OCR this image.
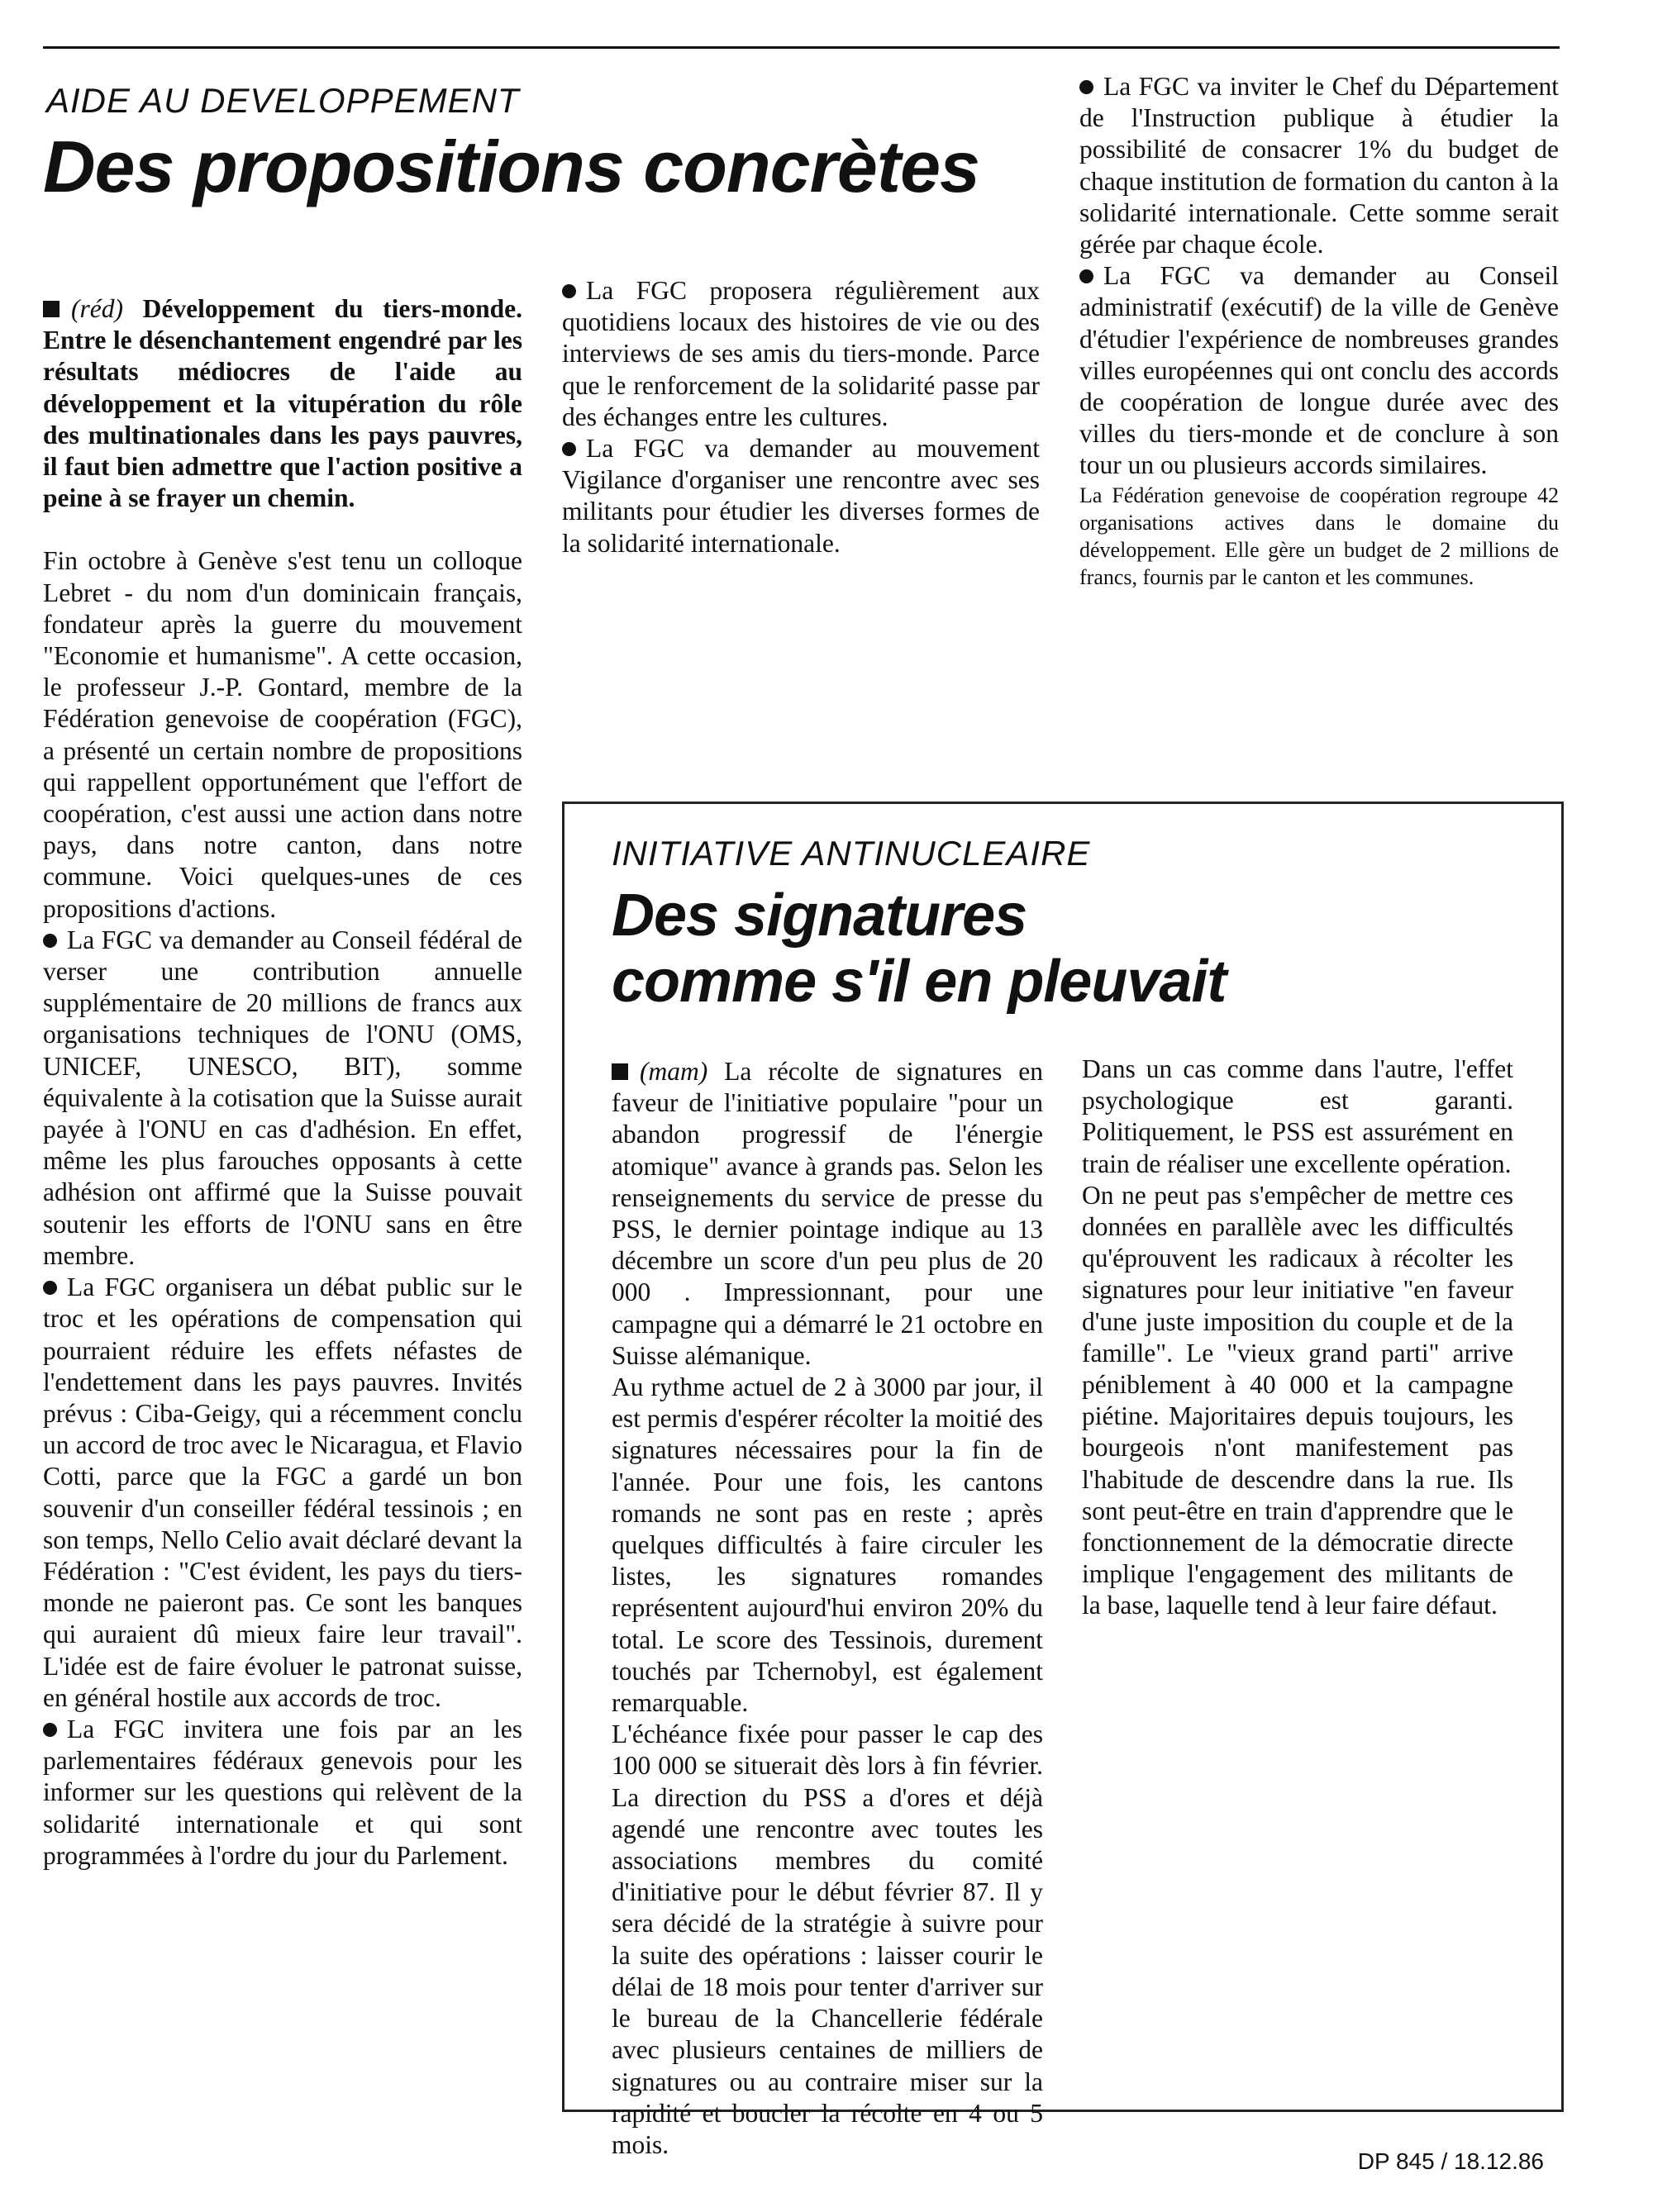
AIDE AU DEVELOPPEMENT
Des propositions concrètes

(réd) Développement du tiers-monde. Entre le désenchantement engendré par les résultats médiocres de l'aide au développement et la vitupération du rôle des multinationales dans les pays pauvres, il faut bien admettre que l'action positive a peine à se frayer un chemin.

Fin octobre à Genève s'est tenu un colloque Lebret - du nom d'un dominicain français, fondateur après la guerre du mouvement "Economie et humanisme". A cette occasion, le professeur J.-P. Gontard, membre de la Fédération genevoise de coopération (FGC), a présenté un certain nombre de propositions qui rappellent opportunément que l'effort de coopération, c'est aussi une action dans notre pays, dans notre canton, dans notre commune. Voici quelques-unes de ces propositions d'actions.

La FGC va demander au Conseil fédéral de verser une contribution annuelle supplémentaire de 20 millions de francs aux organisations techniques de l'ONU (OMS, UNICEF, UNESCO, BIT), somme équivalente à la cotisation que la Suisse aurait payée à l'ONU en cas d'adhésion. En effet, même les plus farouches opposants à cette adhésion ont affirmé que la Suisse pouvait soutenir les efforts de l'ONU sans en être membre.

La FGC organisera un débat public sur le troc et les opérations de compensation qui pourraient réduire les effets néfastes de l'endettement dans les pays pauvres. Invités prévus : Ciba-Geigy, qui a récemment conclu un accord de troc avec le Nicaragua, et Flavio Cotti, parce que la FGC a gardé un bon souvenir d'un conseiller fédéral tessinois ; en son temps, Nello Celio avait déclaré devant la Fédération : "C'est évident, les pays du tiers-monde ne paieront pas. Ce sont les banques qui auraient dû mieux faire leur travail". L'idée est de faire évoluer le patronat suisse, en général hostile aux accords de troc.

La FGC invitera une fois par an les parlementaires fédéraux genevois pour les informer sur les questions qui relèvent de la solidarité internationale et qui sont programmées à l'ordre du jour du Parlement.

La FGC proposera régulièrement aux quotidiens locaux des histoires de vie ou des interviews de ses amis du tiers-monde. Parce que le renforcement de la solidarité passe par des échanges entre les cultures.

La FGC va demander au mouvement Vigilance d'organiser une rencontre avec ses militants pour étudier les diverses formes de la solidarité internationale.

La FGC va inviter le Chef du Département de l'Instruction publique à étudier la possibilité de consacrer 1% du budget de chaque institution de formation du canton à la solidarité internationale. Cette somme serait gérée par chaque école.

La FGC va demander au Conseil administratif (exécutif) de la ville de Genève d'étudier l'expérience de nombreuses grandes villes européennes qui ont conclu des accords de coopération de longue durée avec des villes du tiers-monde et de conclure à son tour un ou plusieurs accords similaires.

La Fédération genevoise de coopération regroupe 42 organisations actives dans le domaine du développement. Elle gère un budget de 2 millions de francs, fournis par le canton et les communes.

INITIATIVE ANTINUCLEAIRE
Des signatures
comme s'il en pleuvait

(mam) La récolte de signatures en faveur de l'initiative populaire "pour un abandon progressif de l'énergie atomique" avance à grands pas. Selon les renseignements du service de presse du PSS, le dernier pointage indique au 13 décembre un score d'un peu plus de 20 000 . Impressionnant, pour une campagne qui a démarré le 21 octobre en Suisse alémanique.

Au rythme actuel de 2 à 3000 par jour, il est permis d'espérer récolter la moitié des signatures nécessaires pour la fin de l'année. Pour une fois, les cantons romands ne sont pas en reste ; après quelques difficultés à faire circuler les listes, les signatures romandes représentent aujourd'hui environ 20% du total. Le score des Tessinois, durement touchés par Tchernobyl, est également remarquable.

L'échéance fixée pour passer le cap des 100 000 se situerait dès lors à fin février. La direction du PSS a d'ores et déjà agendé une rencontre avec toutes les associations membres du comité d'initiative pour le début février 87. Il y sera décidé de la stratégie à suivre pour la suite des opérations : laisser courir le délai de 18 mois pour tenter d'arriver sur le bureau de la Chancellerie fédérale avec plusieurs centaines de milliers de signatures ou au contraire miser sur la rapidité et boucler la récolte en 4 ou 5 mois.

Dans un cas comme dans l'autre, l'effet psychologique est garanti. Politiquement, le PSS est assurément en train de réaliser une excellente opération.

On ne peut pas s'empêcher de mettre ces données en parallèle avec les difficultés qu'éprouvent les radicaux à récolter les signatures pour leur initiative "en faveur d'une juste imposition du couple et de la famille". Le "vieux grand parti" arrive péniblement à 40 000 et la campagne piétine. Majoritaires depuis toujours, les bourgeois n'ont manifestement pas l'habitude de descendre dans la rue. Ils sont peut-être en train d'apprendre que le fonctionnement de la démocratie directe implique l'engagement des militants de la base, laquelle tend à leur faire défaut.

DP 845 / 18.12.86
